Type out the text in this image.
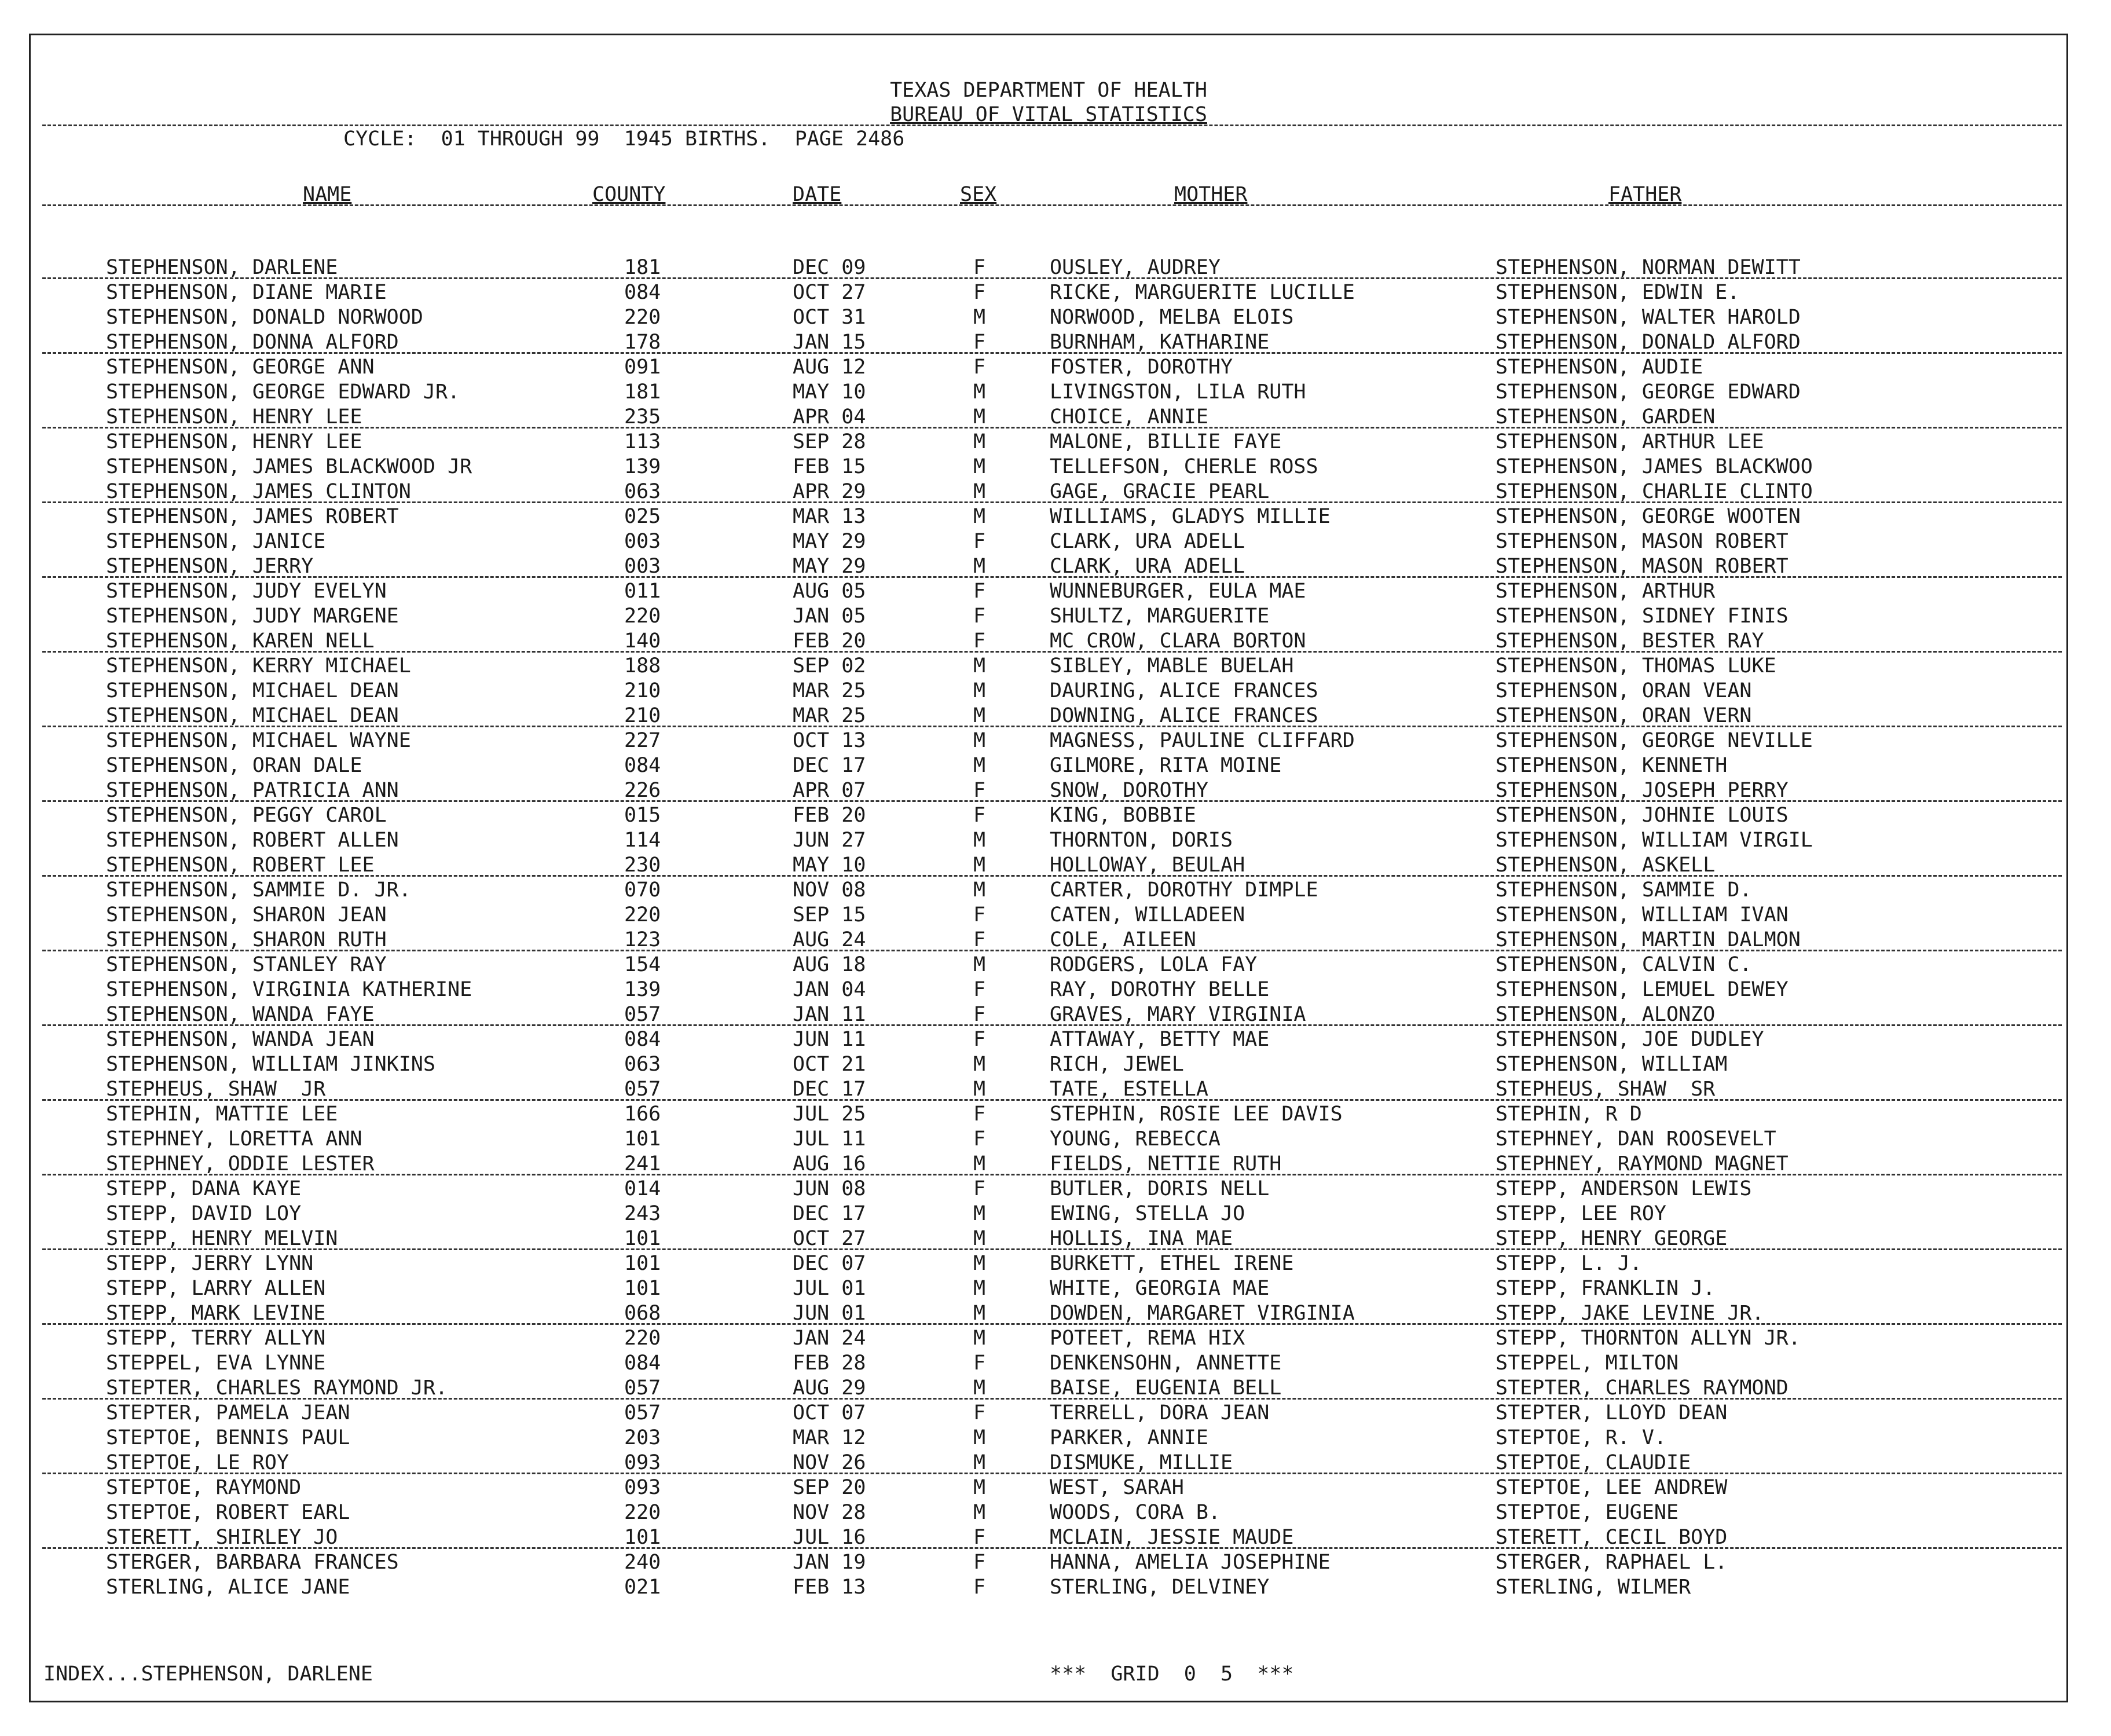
TEXAS DEPARTMENT OF HEALTH
BUREAU OF VITAL STATISTICS
CYCLE:  01 THROUGH 99  1945 BIRTHS.  PAGE 2486
NAME	COUNTY	DATE	SEX	MOTHER	FATHER
STEPHENSON, DARLENE	181	DEC 09	F	OUSLEY, AUDREY	STEPHENSON, NORMAN DEWITT
STEPHENSON, DIANE MARIE	084	OCT 27	F	RICKE, MARGUERITE LUCILLE	STEPHENSON, EDWIN E.
STEPHENSON, DONALD NORWOOD	220	OCT 31	M	NORWOOD, MELBA ELOIS	STEPHENSON, WALTER HAROLD
STEPHENSON, DONNA ALFORD	178	JAN 15	F	BURNHAM, KATHARINE	STEPHENSON, DONALD ALFORD
STEPHENSON, GEORGE ANN	091	AUG 12	F	FOSTER, DOROTHY	STEPHENSON, AUDIE
STEPHENSON, GEORGE EDWARD JR.	181	MAY 10	M	LIVINGSTON, LILA RUTH	STEPHENSON, GEORGE EDWARD
STEPHENSON, HENRY LEE	235	APR 04	M	CHOICE, ANNIE	STEPHENSON, GARDEN
STEPHENSON, HENRY LEE	113	SEP 28	M	MALONE, BILLIE FAYE	STEPHENSON, ARTHUR LEE
STEPHENSON, JAMES BLACKWOOD JR	139	FEB 15	M	TELLEFSON, CHERLE ROSS	STEPHENSON, JAMES BLACKWOO
STEPHENSON, JAMES CLINTON	063	APR 29	M	GAGE, GRACIE PEARL	STEPHENSON, CHARLIE CLINTO
STEPHENSON, JAMES ROBERT	025	MAR 13	M	WILLIAMS, GLADYS MILLIE	STEPHENSON, GEORGE WOOTEN
STEPHENSON, JANICE	003	MAY 29	F	CLARK, URA ADELL	STEPHENSON, MASON ROBERT
STEPHENSON, JERRY	003	MAY 29	M	CLARK, URA ADELL	STEPHENSON, MASON ROBERT
STEPHENSON, JUDY EVELYN	011	AUG 05	F	WUNNEBURGER, EULA MAE	STEPHENSON, ARTHUR
STEPHENSON, JUDY MARGENE	220	JAN 05	F	SHULTZ, MARGUERITE	STEPHENSON, SIDNEY FINIS
STEPHENSON, KAREN NELL	140	FEB 20	F	MC CROW, CLARA BORTON	STEPHENSON, BESTER RAY
STEPHENSON, KERRY MICHAEL	188	SEP 02	M	SIBLEY, MABLE BUELAH	STEPHENSON, THOMAS LUKE
STEPHENSON, MICHAEL DEAN	210	MAR 25	M	DAURING, ALICE FRANCES	STEPHENSON, ORAN VEAN
STEPHENSON, MICHAEL DEAN	210	MAR 25	M	DOWNING, ALICE FRANCES	STEPHENSON, ORAN VERN
STEPHENSON, MICHAEL WAYNE	227	OCT 13	M	MAGNESS, PAULINE CLIFFARD	STEPHENSON, GEORGE NEVILLE
STEPHENSON, ORAN DALE	084	DEC 17	M	GILMORE, RITA MOINE	STEPHENSON, KENNETH
STEPHENSON, PATRICIA ANN	226	APR 07	F	SNOW, DOROTHY	STEPHENSON, JOSEPH PERRY
STEPHENSON, PEGGY CAROL	015	FEB 20	F	KING, BOBBIE	STEPHENSON, JOHNIE LOUIS
STEPHENSON, ROBERT ALLEN	114	JUN 27	M	THORNTON, DORIS	STEPHENSON, WILLIAM VIRGIL
STEPHENSON, ROBERT LEE	230	MAY 10	M	HOLLOWAY, BEULAH	STEPHENSON, ASKELL
STEPHENSON, SAMMIE D. JR.	070	NOV 08	M	CARTER, DOROTHY DIMPLE	STEPHENSON, SAMMIE D.
STEPHENSON, SHARON JEAN	220	SEP 15	F	CATEN, WILLADEEN	STEPHENSON, WILLIAM IVAN
STEPHENSON, SHARON RUTH	123	AUG 24	F	COLE, AILEEN	STEPHENSON, MARTIN DALMON
STEPHENSON, STANLEY RAY	154	AUG 18	M	RODGERS, LOLA FAY	STEPHENSON, CALVIN C.
STEPHENSON, VIRGINIA KATHERINE	139	JAN 04	F	RAY, DOROTHY BELLE	STEPHENSON, LEMUEL DEWEY
STEPHENSON, WANDA FAYE	057	JAN 11	F	GRAVES, MARY VIRGINIA	STEPHENSON, ALONZO
STEPHENSON, WANDA JEAN	084	JUN 11	F	ATTAWAY, BETTY MAE	STEPHENSON, JOE DUDLEY
STEPHENSON, WILLIAM JINKINS	063	OCT 21	M	RICH, JEWEL	STEPHENSON, WILLIAM
STEPHEUS, SHAW  JR	057	DEC 17	M	TATE, ESTELLA	STEPHEUS, SHAW  SR
STEPHIN, MATTIE LEE	166	JUL 25	F	STEPHIN, ROSIE LEE DAVIS	STEPHIN, R D
STEPHNEY, LORETTA ANN	101	JUL 11	F	YOUNG, REBECCA	STEPHNEY, DAN ROOSEVELT
STEPHNEY, ODDIE LESTER	241	AUG 16	M	FIELDS, NETTIE RUTH	STEPHNEY, RAYMOND MAGNET
STEPP, DANA KAYE	014	JUN 08	F	BUTLER, DORIS NELL	STEPP, ANDERSON LEWIS
STEPP, DAVID LOY	243	DEC 17	M	EWING, STELLA JO	STEPP, LEE ROY
STEPP, HENRY MELVIN	101	OCT 27	M	HOLLIS, INA MAE	STEPP, HENRY GEORGE
STEPP, JERRY LYNN	101	DEC 07	M	BURKETT, ETHEL IRENE	STEPP, L. J.
STEPP, LARRY ALLEN	101	JUL 01	M	WHITE, GEORGIA MAE	STEPP, FRANKLIN J.
STEPP, MARK LEVINE	068	JUN 01	M	DOWDEN, MARGARET VIRGINIA	STEPP, JAKE LEVINE JR.
STEPP, TERRY ALLYN	220	JAN 24	M	POTEET, REMA HIX	STEPP, THORNTON ALLYN JR.
STEPPEL, EVA LYNNE	084	FEB 28	F	DENKENSOHN, ANNETTE	STEPPEL, MILTON
STEPTER, CHARLES RAYMOND JR.	057	AUG 29	M	BAISE, EUGENIA BELL	STEPTER, CHARLES RAYMOND
STEPTER, PAMELA JEAN	057	OCT 07	F	TERRELL, DORA JEAN	STEPTER, LLOYD DEAN
STEPTOE, BENNIS PAUL	203	MAR 12	M	PARKER, ANNIE	STEPTOE, R. V.
STEPTOE, LE ROY	093	NOV 26	M	DISMUKE, MILLIE	STEPTOE, CLAUDIE
STEPTOE, RAYMOND	093	SEP 20	M	WEST, SARAH	STEPTOE, LEE ANDREW
STEPTOE, ROBERT EARL	220	NOV 28	M	WOODS, CORA B.	STEPTOE, EUGENE
STERETT, SHIRLEY JO	101	JUL 16	F	MCLAIN, JESSIE MAUDE	STERETT, CECIL BOYD
STERGER, BARBARA FRANCES	240	JAN 19	F	HANNA, AMELIA JOSEPHINE	STERGER, RAPHAEL L.
STERLING, ALICE JANE	021	FEB 13	F	STERLING, DELVINEY	STERLING, WILMER
INDEX...STEPHENSON, DARLENE	***  GRID  0  5  ***
